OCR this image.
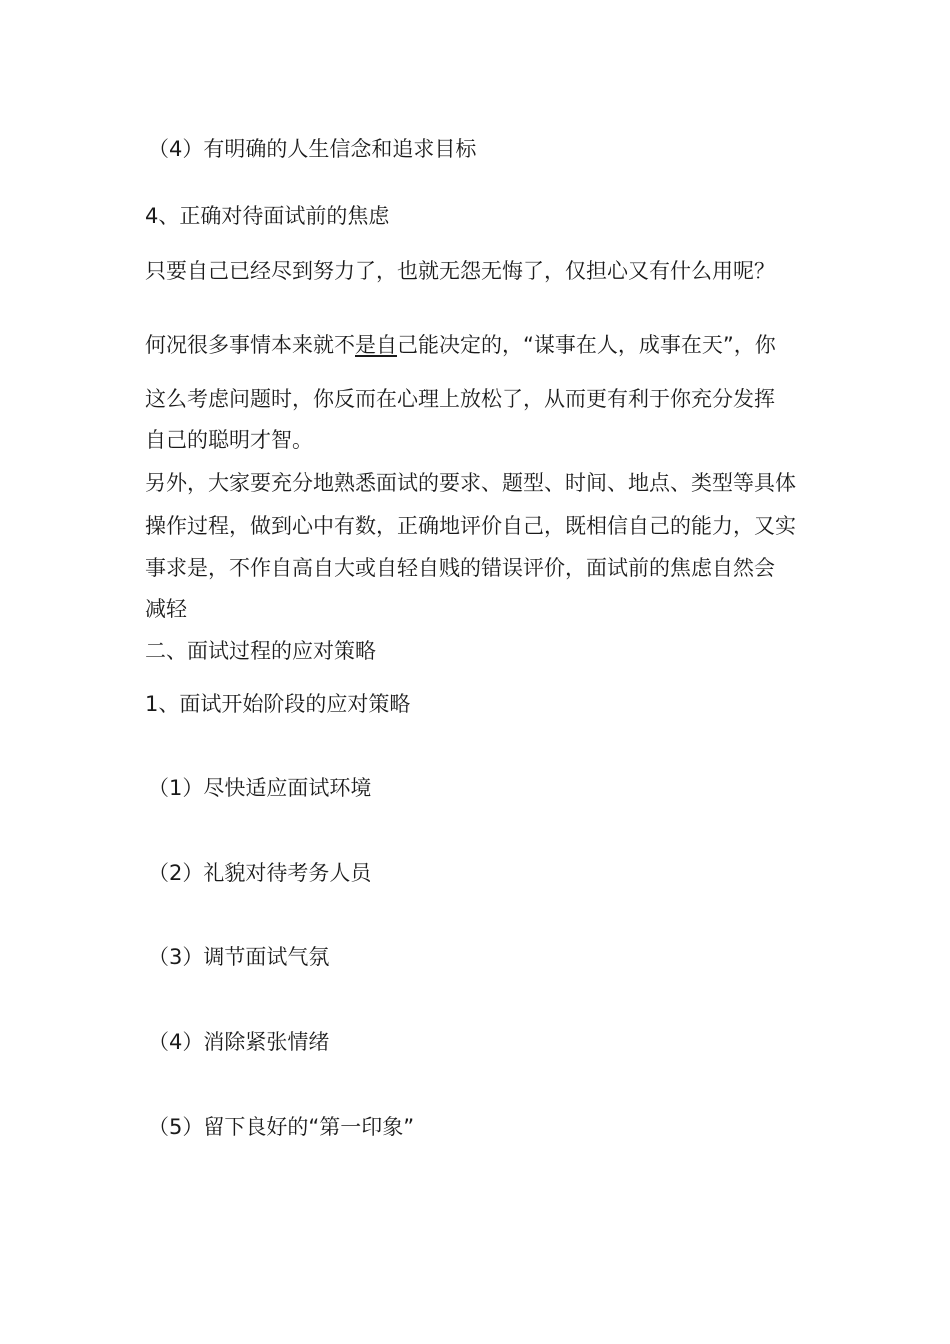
（4）有明确的人生信念和追求目标
4、正确对待面试前的焦虑
只要自己已经尽到努力了，也就无怨无悔了，仅担心又有什么用呢？
何况很多事情本来就不是自己能决定的，“谋事在人，成事在天”，你
这么考虑问题时，你反而在心理上放松了，从而更有利于你充分发挥
自己的聪明才智。
另外，大家要充分地熟悉面试的要求、题型、时间、地点、类型等具体
操作过程，做到心中有数，正确地评价自己，既相信自己的能力，又实
事求是，不作自高自大或自轻自贱的错误评价，面试前的焦虑自然会
减轻
二、面试过程的应对策略
1、面试开始阶段的应对策略
（1）尽快适应面试环境
（2）礼貌对待考务人员
（3）调节面试气氛
（4）消除紧张情绪
（5）留下良好的“第一印象”
